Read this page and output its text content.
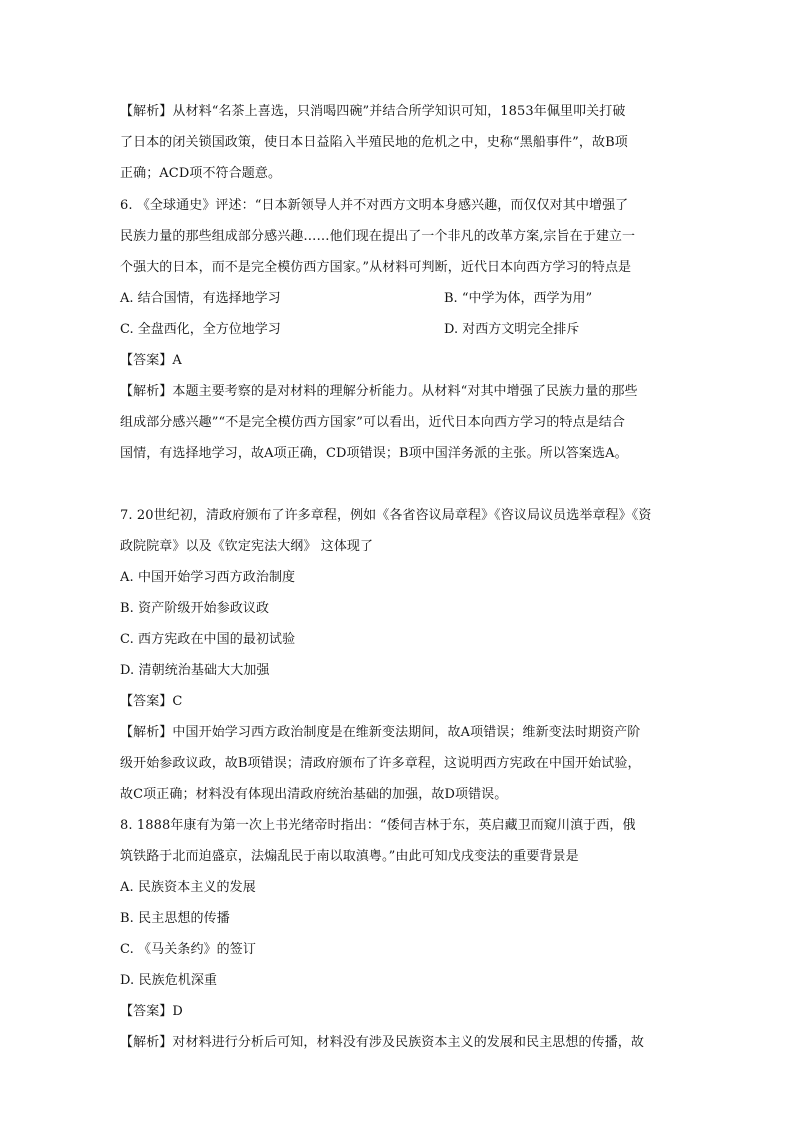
【解析】从材料“名茶上喜选，只消喝四碗”并结合所学知识可知，1853年佩里叩关打破
了日本的闭关锁国政策，使日本日益陷入半殖民地的危机之中，史称“黑船事件”，故B项
正确；ACD项不符合题意。
6. 《全球通史》评述：“日本新领导人并不对西方文明本身感兴趣，而仅仅对其中增强了
民族力量的那些组成部分感兴趣……他们现在提出了一个非凡的改革方案,宗旨在于建立一
个强大的日本，而不是完全模仿西方国家。”从材料可判断，近代日本向西方学习的特点是
A. 结合国情，有选择地学习	B. “中学为体，西学为用”
C. 全盘西化，全方位地学习	D. 对西方文明完全排斥
【答案】A
【解析】本题主要考察的是对材料的理解分析能力。从材料“对其中增强了民族力量的那些
组成部分感兴趣”“不是完全模仿西方国家”可以看出，近代日本向西方学习的特点是结合
国情，有选择地学习，故A项正确，CD项错误；B项中国洋务派的主张。所以答案选A。
7. 20世纪初，清政府颁布了许多章程，例如《各省咨议局章程》《咨议局议员选举章程》《资
政院院章》以及《钦定宪法大纲》 这体现了
A. 中国开始学习西方政治制度
B. 资产阶级开始参政议政
C. 西方宪政在中国的最初试验
D. 清朝统治基础大大加强
【答案】C
【解析】中国开始学习西方政治制度是在维新变法期间，故A项错误；维新变法时期资产阶
级开始参政议政，故B项错误；清政府颁布了许多章程，这说明西方宪政在中国开始试验，
故C项正确；材料没有体现出清政府统治基础的加强，故D项错误。
8. 1888年康有为第一次上书光绪帝时指出：“倭伺吉林于东，英启藏卫而窥川滇于西，俄
筑铁路于北而迫盛京，法煽乱民于南以取滇粤。”由此可知戊戌变法的重要背景是
A. 民族资本主义的发展
B. 民主思想的传播
C. 《马关条约》的签订
D. 民族危机深重
【答案】D
【解析】对材料进行分析后可知，材料没有涉及民族资本主义的发展和民主思想的传播，故
